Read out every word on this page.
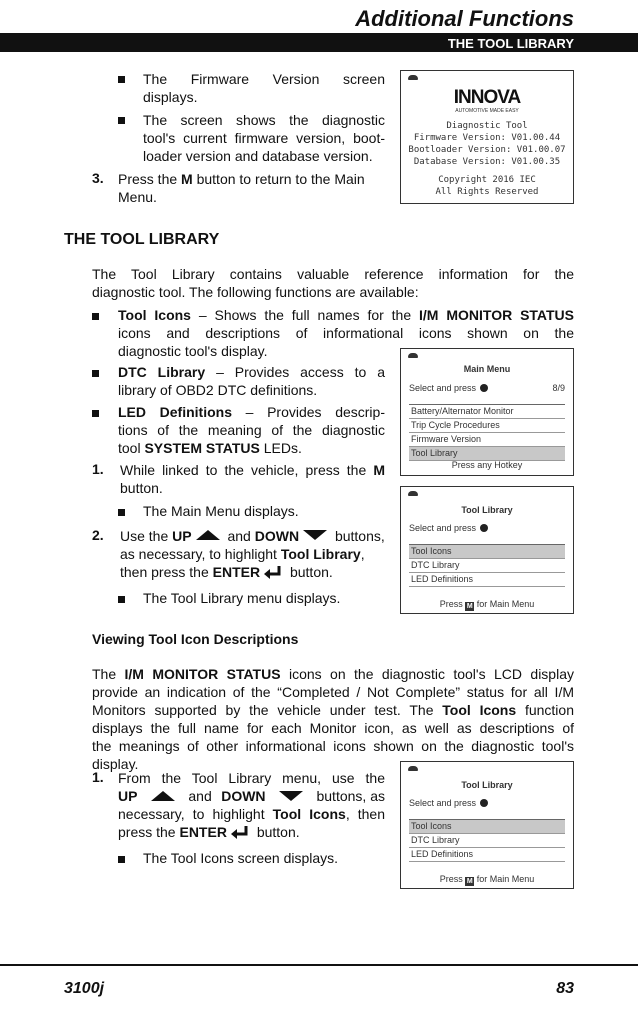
Additional Functions
THE TOOL LIBRARY
The Firmware Version screen
displays.
The screen shows the diagnostic
tool's current firmware version, boot-
loader version and database version.
3. Press the M button to return to the Main
Menu.
INNOVA
AUTOMOTIVE MADE EASY
Diagnostic Tool
Firmware Version: V01.00.44
Bootloader Version: V01.00.07
Database Version: V01.00.35
Copyright 2016 IEC
All Rights Reserved
THE TOOL LIBRARY
The Tool Library contains valuable reference information for the
diagnostic tool. The following functions are available:
Tool Icons – Shows the full names for the I/M MONITOR STATUS
icons and descriptions of informational icons shown on the
diagnostic tool's display.
DTC Library – Provides access to a
library of OBD2 DTC definitions.
LED Definitions – Provides descrip-
tions of the meaning of the diagnostic
tool SYSTEM STATUS LEDs.
1. While linked to the vehicle, press the M
button.
The Main Menu displays.
2. Use the UP and DOWN buttons,
as necessary, to highlight Tool Library,
then press the ENTER button.
The Tool Library menu displays.
Main Menu
Select and press	8/9
Battery/Alternator Monitor
Trip Cycle Procedures
Firmware Version
Tool Library
Press any Hotkey
Tool Library
Select and press
Tool Icons
DTC Library
LED Definitions
Press M for Main Menu
Viewing Tool Icon Descriptions
The I/M MONITOR STATUS icons on the diagnostic tool's LCD display
provide an indication of the “Completed / Not Complete” status for all I/M
Monitors supported by the vehicle under test. The Tool Icons function
displays the full name for each Monitor icon, as well as descriptions of
the meanings of other informational icons shown on the diagnostic tool's
display.
1. From the Tool Library menu, use the
UP	and DOWN	buttons, as
necessary, to highlight Tool Icons, then
press the ENTER button.
The Tool Icons screen displays.
Tool Library
Select and press
Tool Icons
DTC Library
LED Definitions
Press M for Main Menu
3100j	83
